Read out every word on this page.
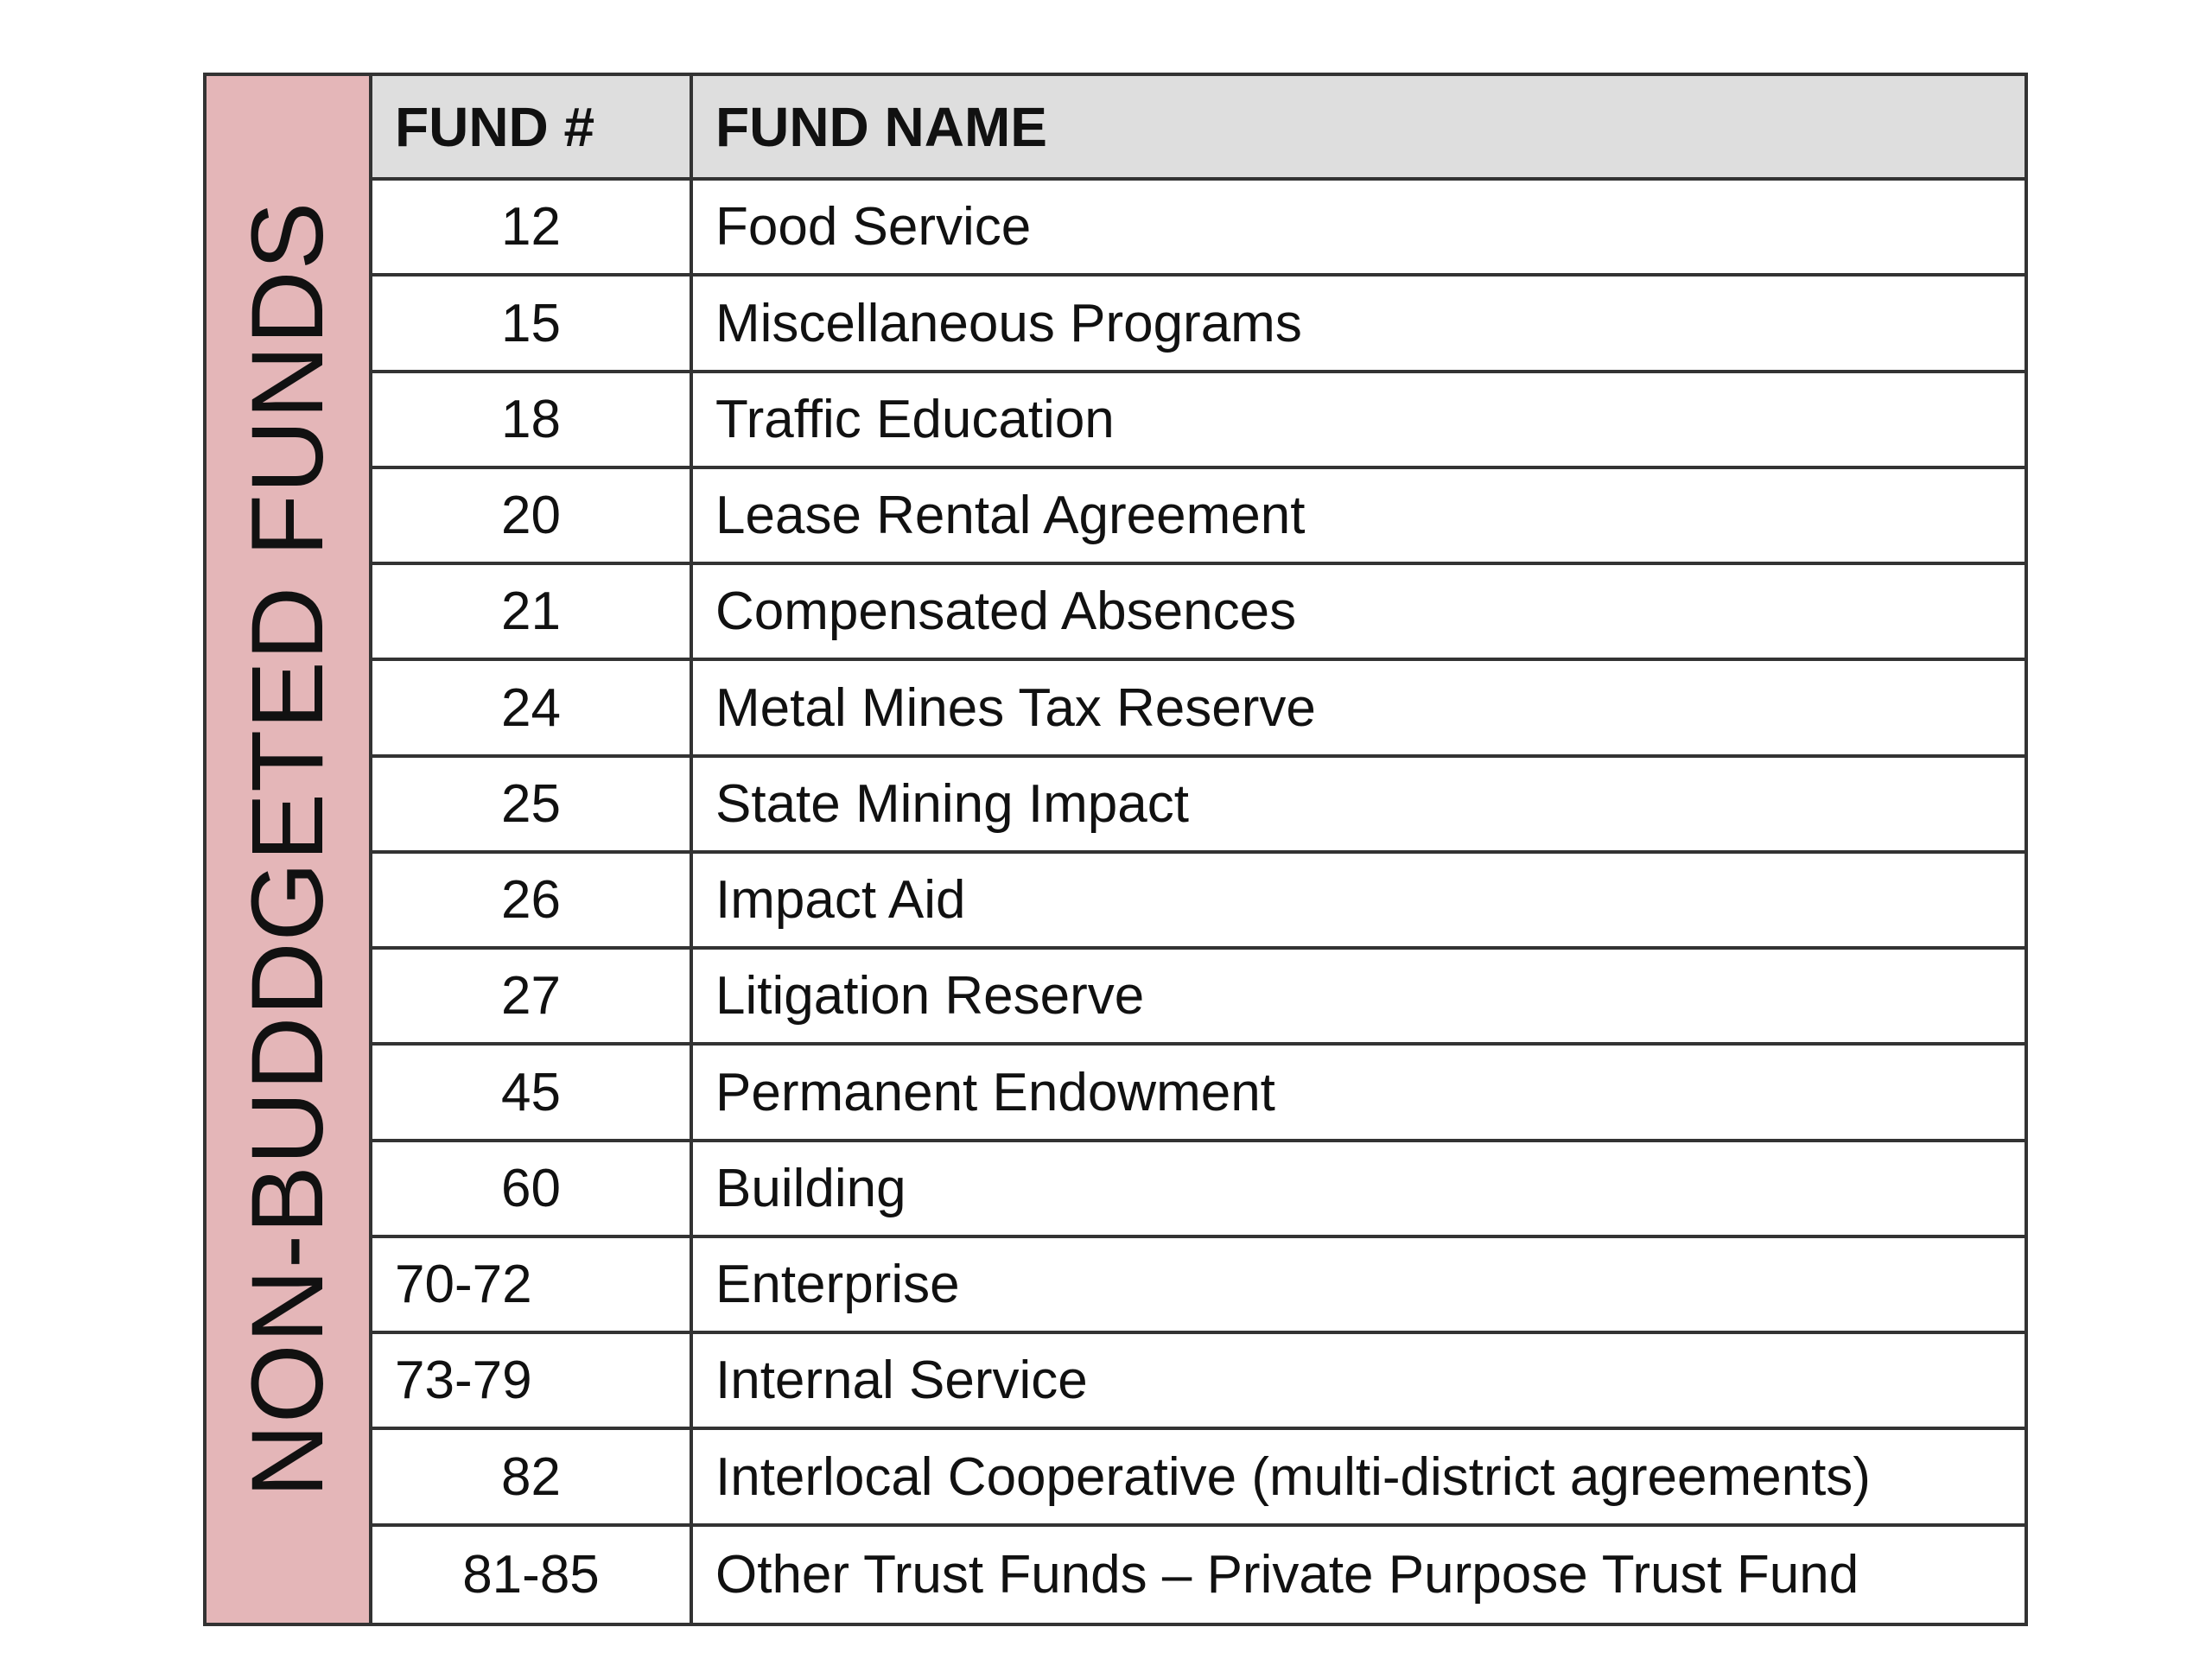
NON-BUDDGETED FUNDS
FUND #	FUND NAME
12	Food Service
15	Miscellaneous Programs
18	Traffic Education
20	Lease Rental Agreement
21	Compensated Absences
24	Metal Mines Tax Reserve
25	State Mining Impact
26	Impact Aid
27	Litigation Reserve
45	Permanent Endowment
60	Building
70-72	Enterprise
73-79	Internal Service
82	Interlocal Cooperative (multi-district agreements)
81-85	Other Trust Funds – Private Purpose Trust Fund
